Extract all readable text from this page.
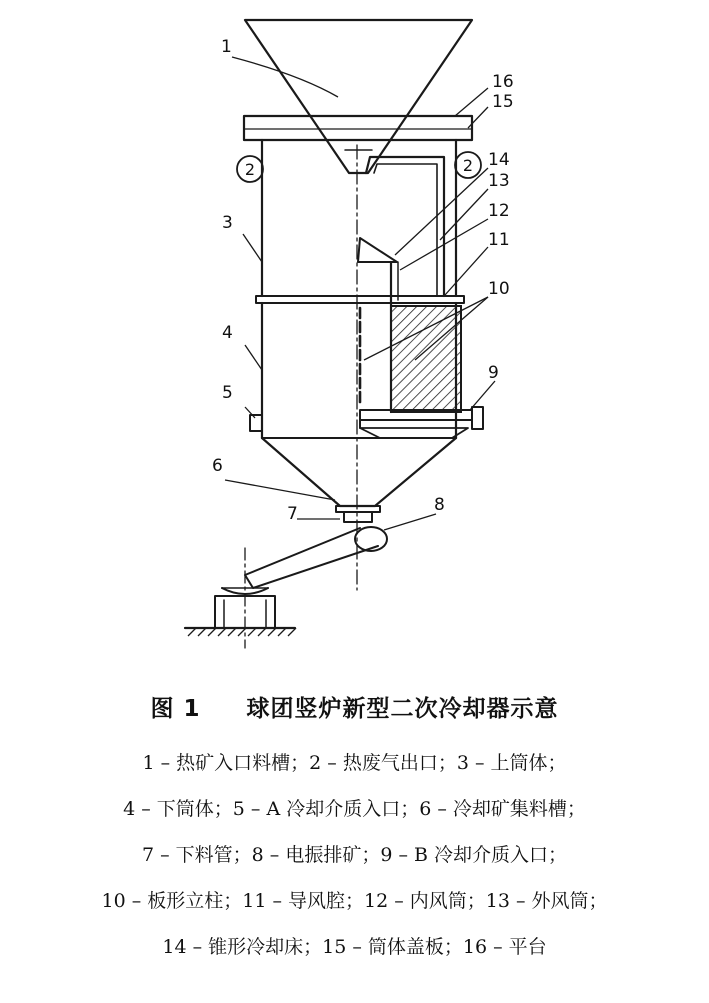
2	2
1
16
15
14
13
12
11
10
9
8
7
6
5
4
3
图 1 球团竖炉新型二次冷却器示意
1 – 热矿入口料槽；2 – 热废气出口；3 – 上筒体；
4 – 下筒体；5 – A 冷却介质入口；6 – 冷却矿集料槽；
7 – 下料管；8 – 电振排矿；9 – B 冷却介质入口；
10 – 板形立柱；11 – 导风腔；12 – 内风筒；13 – 外风筒；
14 – 锥形冷却床；15 – 筒体盖板；16 – 平台
